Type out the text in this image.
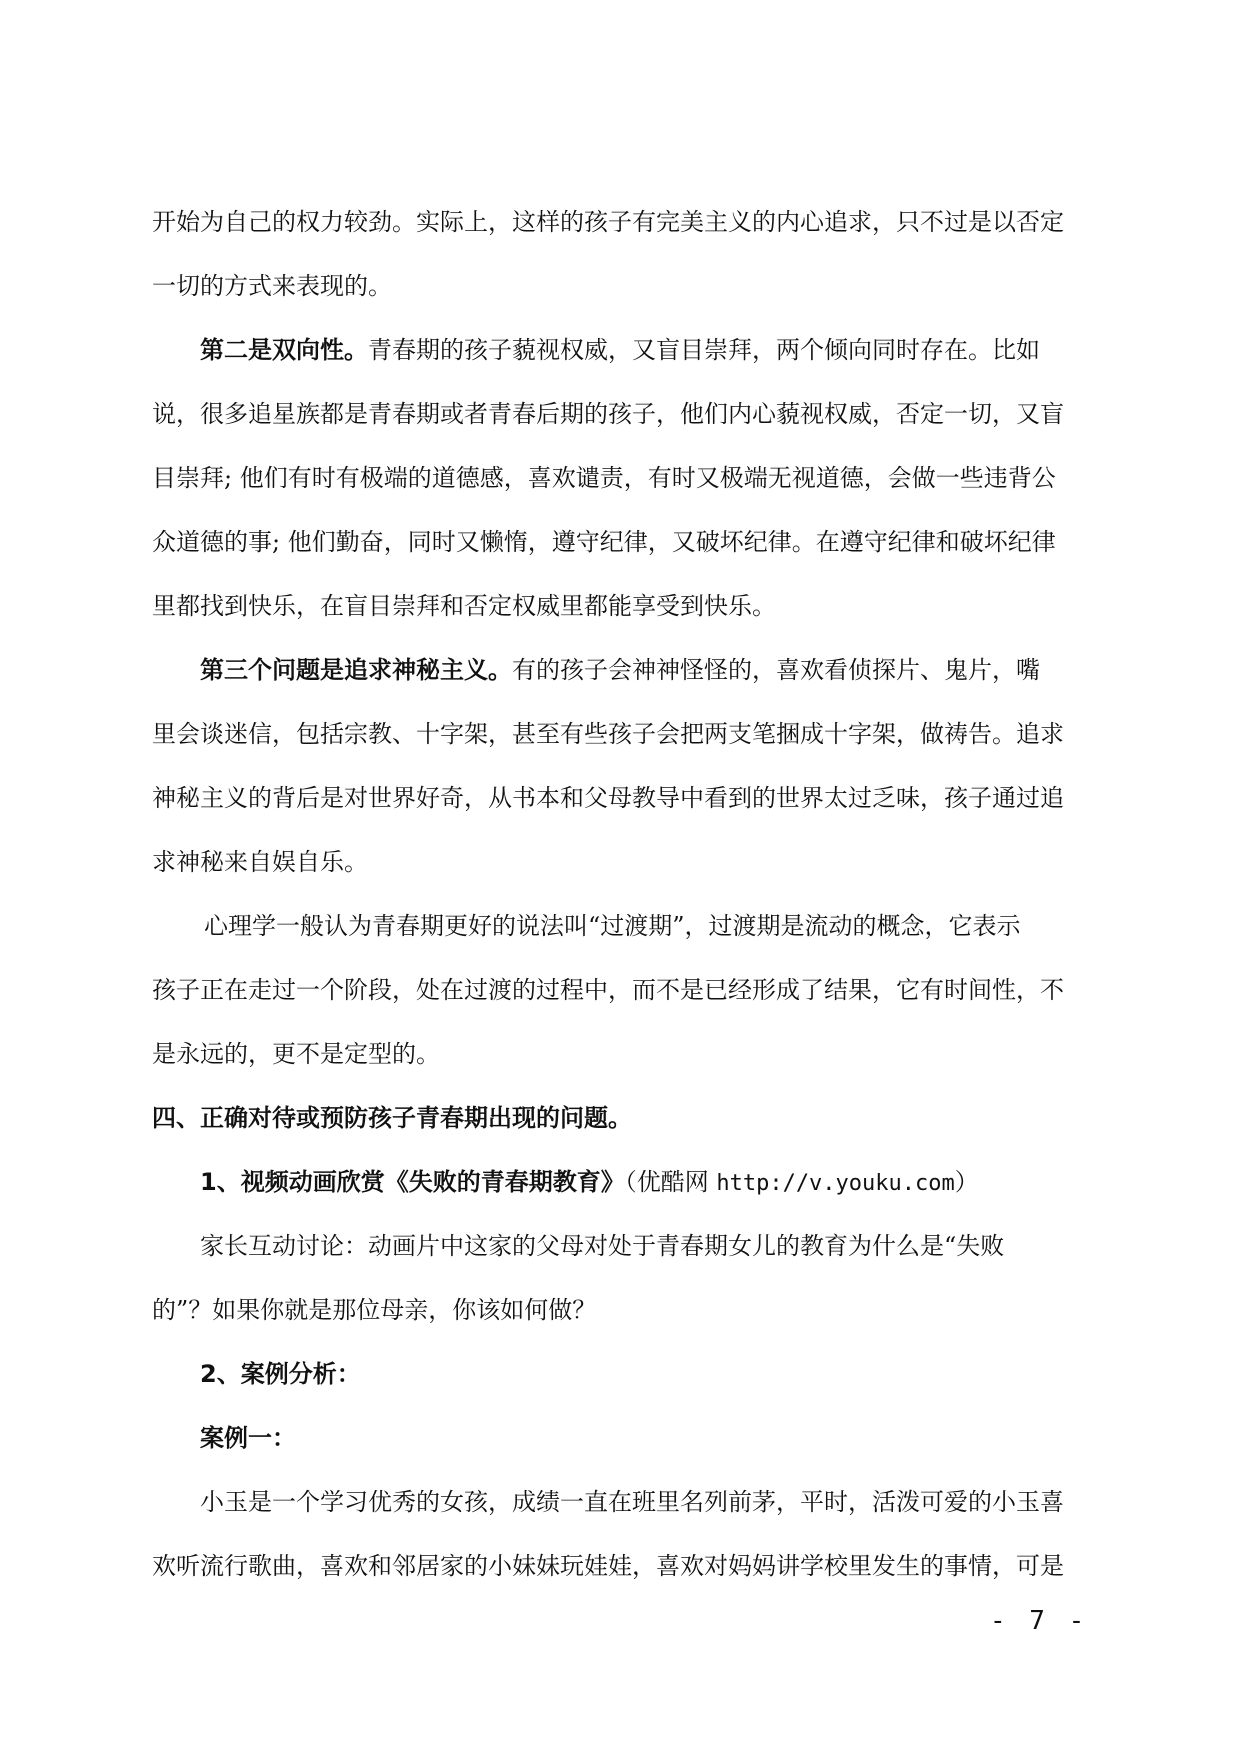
开始为自己的权力较劲。实际上，这样的孩子有完美主义的内心追求，只不过是以否定
一切的方式来表现的。
第二是双向性。青春期的孩子藐视权威，又盲目崇拜，两个倾向同时存在。比如
说，很多追星族都是青春期或者青春后期的孩子，他们内心藐视权威，否定一切，又盲
目崇拜; 他们有时有极端的道德感，喜欢谴责，有时又极端无视道德，会做一些违背公
众道德的事; 他们勤奋，同时又懒惰，遵守纪律，又破坏纪律。在遵守纪律和破坏纪律
里都找到快乐，在盲目崇拜和否定权威里都能享受到快乐。
第三个问题是追求神秘主义。有的孩子会神神怪怪的，喜欢看侦探片、鬼片，嘴
里会谈迷信，包括宗教、十字架，甚至有些孩子会把两支笔捆成十字架，做祷告。追求
神秘主义的背后是对世界好奇，从书本和父母教导中看到的世界太过乏味，孩子通过追
求神秘来自娱自乐。
心理学一般认为青春期更好的说法叫“过渡期”，过渡期是流动的概念，它表示
孩子正在走过一个阶段，处在过渡的过程中，而不是已经形成了结果，它有时间性，不
是永远的，更不是定型的。
四、正确对待或预防孩子青春期出现的问题。
1、视频动画欣赏《失败的青春期教育》（优酷网 http://v.youku.com）
家长互动讨论：动画片中这家的父母对处于青春期女儿的教育为什么是“失败
的”？如果你就是那位母亲，你该如何做？
2、案例分析：
案例一：
小玉是一个学习优秀的女孩，成绩一直在班里名列前茅，平时，活泼可爱的小玉喜
欢听流行歌曲，喜欢和邻居家的小妹妹玩娃娃，喜欢对妈妈讲学校里发生的事情，可是
- 7 -
